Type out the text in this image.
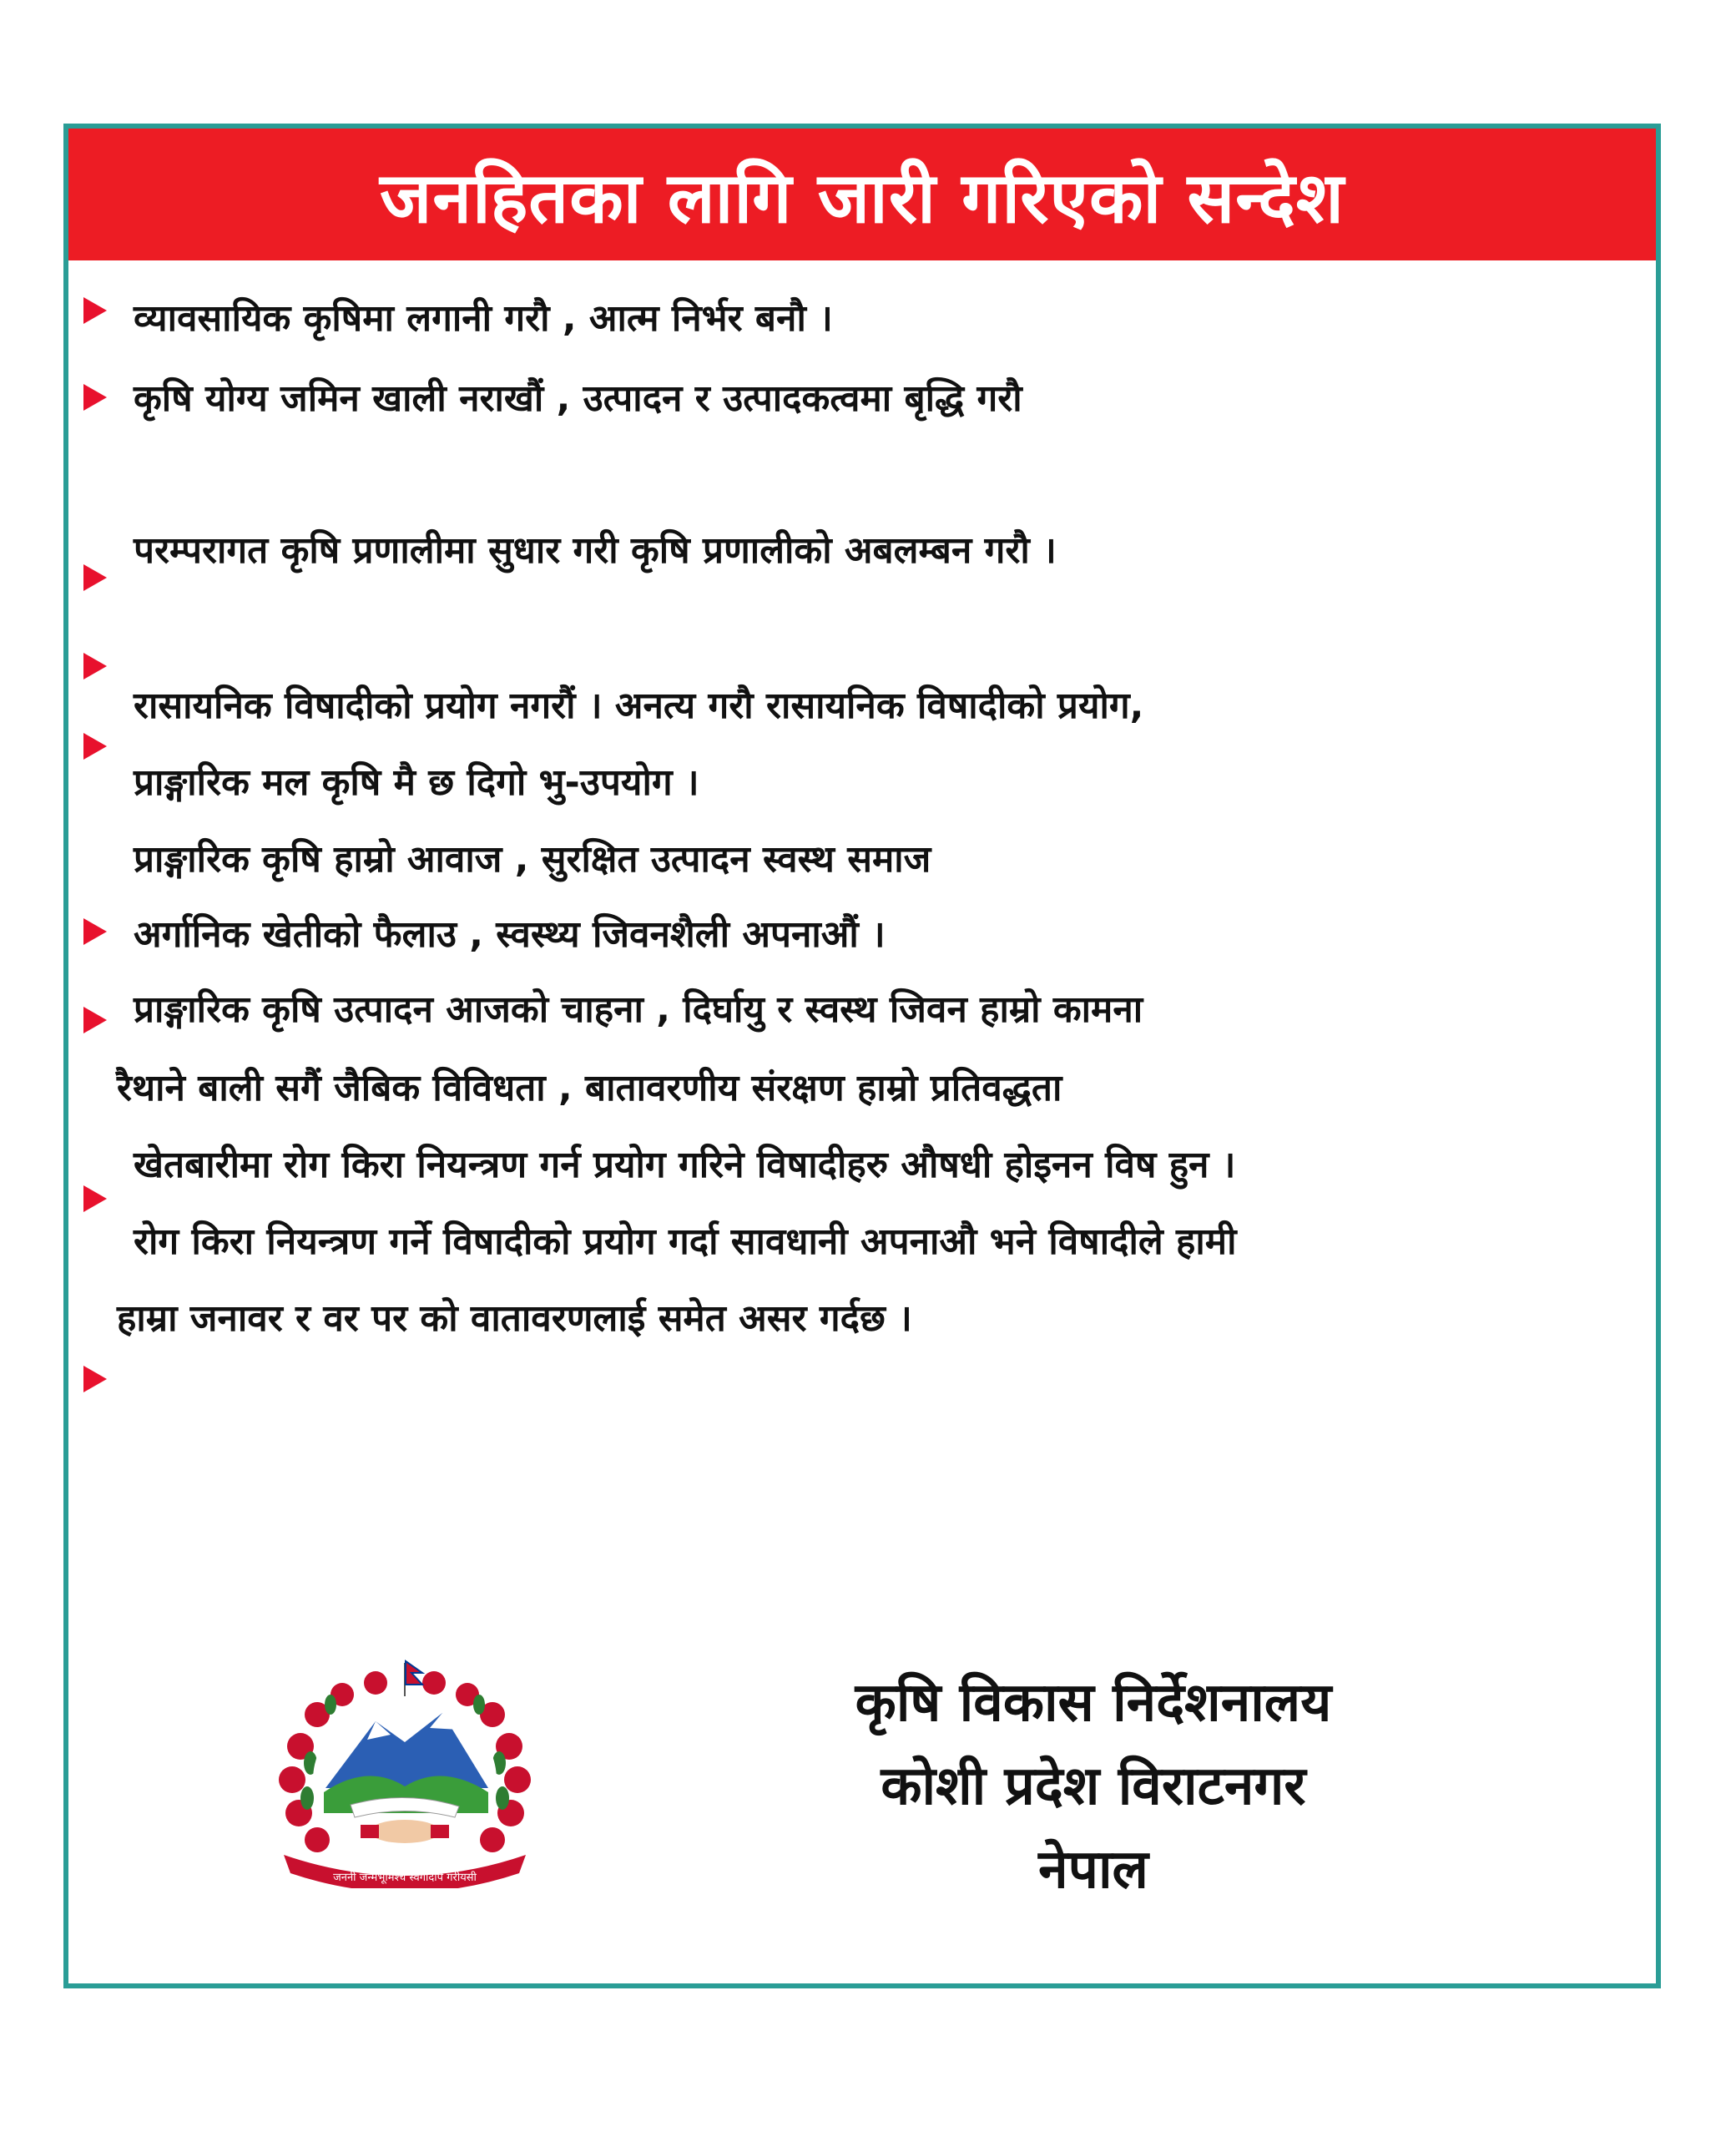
जनहितका लागि जारी गरिएको सन्देश
व्यावसायिक कृषिमा लगानी गरौ , आत्म निर्भर बनौ ।
कृषि योग्य जमिन खाली नराखौं , उत्पादन र उत्पादकत्वमा बृद्धि गरौ
परम्परागत कृषि प्रणालीमा सुधार गरी कृषि प्रणालीको अबलम्बन गरौ ।
रासायनिक विषादीको प्रयोग नगरौं । अनत्य गरौ रासायनिक विषादीको प्रयोग,
प्राङ्गारिक मल कृषि मै छ दिगो भु-उपयोग ।
प्राङ्गारिक कृषि हाम्रो आवाज , सुरक्षित उत्पादन स्वस्थ समाज
अर्गानिक खेतीको फैलाउ , स्वस्थ्य जिवनशैली अपनाऔं ।
प्राङ्गारिक कृषि उत्पादन आजको चाहना , दिर्घायु र स्वस्थ जिवन हाम्रो कामना
रैथाने बाली सगैं जैबिक विविधता , बातावरणीय संरक्षण हाम्रो प्रतिवद्धता
खेतबारीमा रोग किरा नियन्त्रण गर्न प्रयोग गरिने विषादीहरु औषधी होइनन विष हुन ।
रोग किरा नियन्त्रण गर्ने विषादीको प्रयोग गर्दा सावधानी अपनाऔ भने विषादीले हामी
हाम्रा जनावर र वर पर को वातावरणलाई समेत असर गर्दछ ।
जननी जन्मभूमिश्च स्वर्गादपि गरीयसी
कृषि विकास निर्देशनालय
कोशी प्रदेश विराटनगर
नेपाल
